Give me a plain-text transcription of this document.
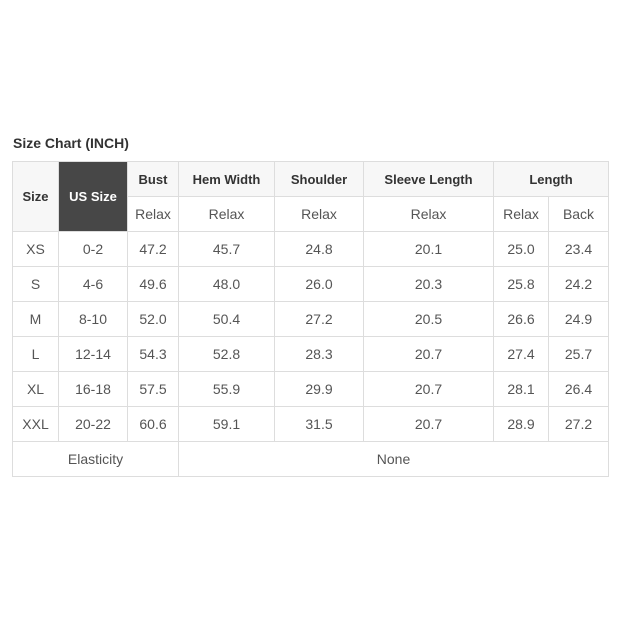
Size Chart (INCH)
Size	US Size	Bust	Hem Width	Shoulder	Sleeve Length	Length	
		Relax	Relax	Relax	Relax	Relax	Back
XS	0-2	47.2	45.7	24.8	20.1	25.0	23.4
S	4-6	49.6	48.0	26.0	20.3	25.8	24.2
M	8-10	52.0	50.4	27.2	20.5	26.6	24.9
L	12-14	54.3	52.8	28.3	20.7	27.4	25.7
XL	16-18	57.5	55.9	29.9	20.7	28.1	26.4
XXL	20-22	60.6	59.1	31.5	20.7	28.9	27.2
Elasticity			None				
